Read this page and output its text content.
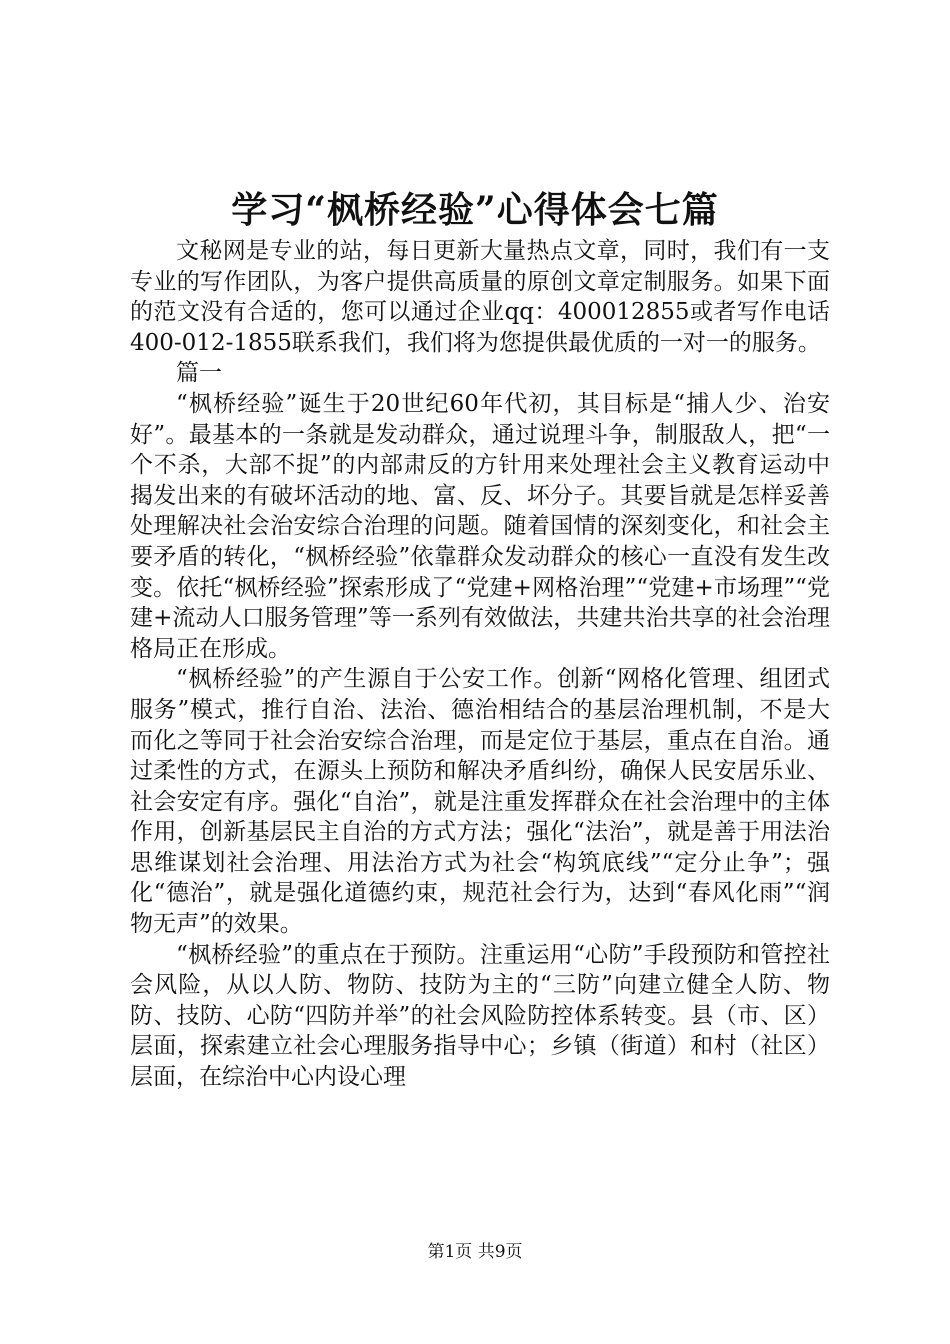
学习“枫桥经验”心得体会七篇

文秘网是专业的站，每日更新大量热点文章，同时，我们有一支专业的写作团队，为客户提供高质量的原创文章定制服务。如果下面的范文没有合适的，您可以通过企业qq：400012855或者写作电话400-012-1855联系我们，我们将为您提供最优质的一对一的服务。

篇一

“枫桥经验”诞生于20世纪60年代初，其目标是“捕人少、治安好”。最基本的一条就是发动群众，通过说理斗争，制服敌人，把“一个不杀，大部不捉”的内部肃反的方针用来处理社会主义教育运动中揭发出来的有破坏活动的地、富、反、坏分子。其要旨就是怎样妥善处理解决社会治安综合治理的问题。随着国情的深刻变化，和社会主要矛盾的转化，“枫桥经验”依靠群众发动群众的核心一直没有发生改变。依托“枫桥经验”探索形成了“党建+网格治理”“党建+市场理”“党建+流动人口服务管理”等一系列有效做法，共建共治共享的社会治理格局正在形成。

“枫桥经验”的产生源自于公安工作。创新“网格化管理、组团式服务”模式，推行自治、法治、德治相结合的基层治理机制，不是大而化之等同于社会治安综合治理，而是定位于基层，重点在自治。通过柔性的方式，在源头上预防和解决矛盾纠纷，确保人民安居乐业、社会安定有序。强化“自治”，就是注重发挥群众在社会治理中的主体作用，创新基层民主自治的方式方法；强化“法治”，就是善于用法治思维谋划社会治理、用法治方式为社会“构筑底线”“定分止争”；强化“德治”，就是强化道德约束，规范社会行为，达到“春风化雨”“润物无声”的效果。

“枫桥经验”的重点在于预防。注重运用“心防”手段预防和管控社会风险，从以人防、物防、技防为主的“三防”向建立健全人防、物防、技防、心防“四防并举”的社会风险防控体系转变。县（市、区）层面，探索建立社会心理服务指导中心；乡镇（街道）和村（社区）层面，在综治中心内设心理

第1页 共9页
